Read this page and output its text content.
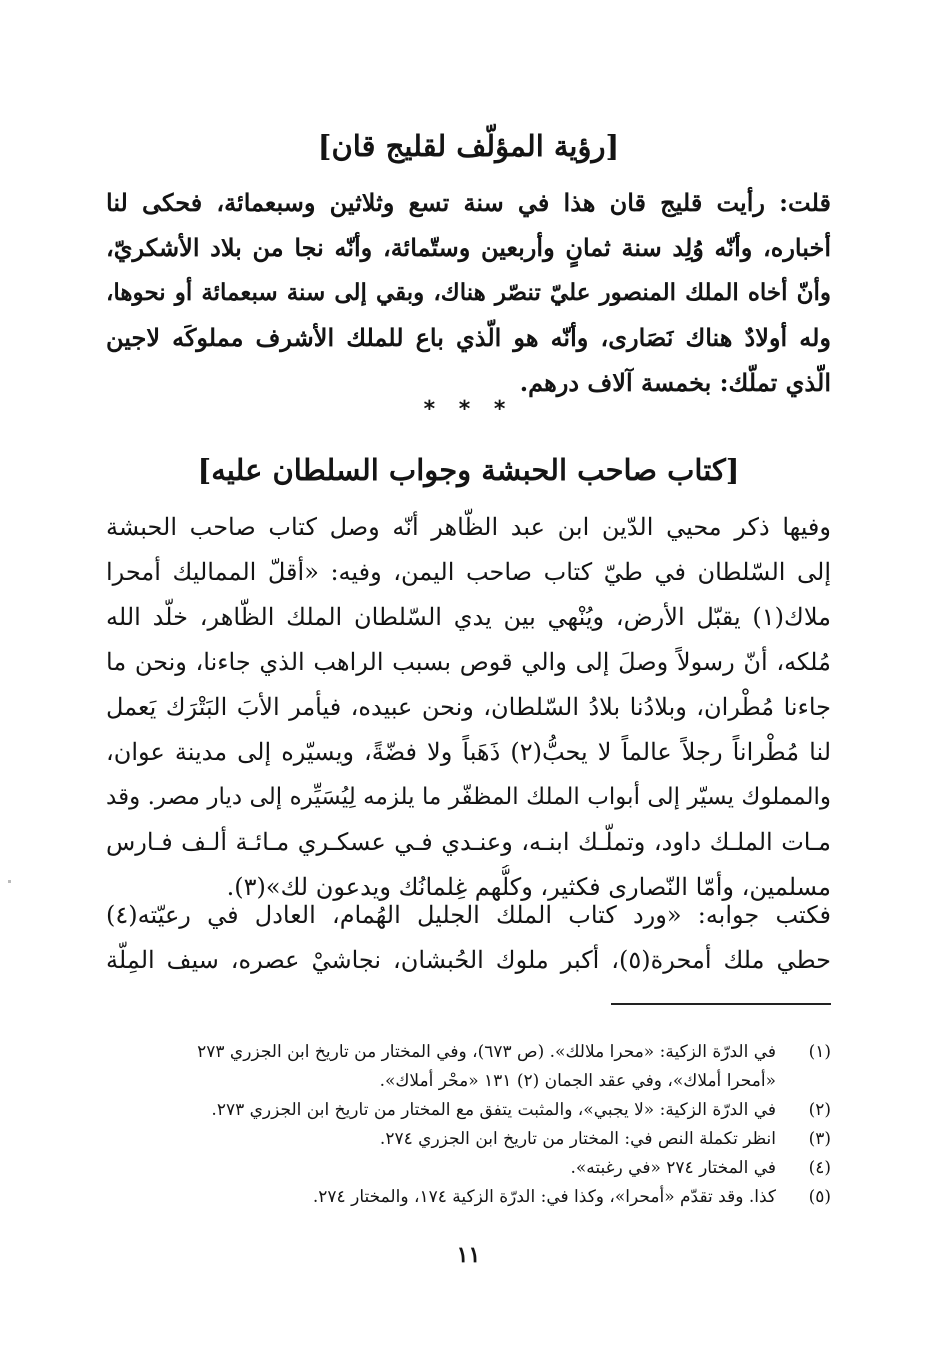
[رؤية المؤلّف لقليج قان]
قلت: رأيت قليج قان هذا في سنة تسع وثلاثين وسبعمائة، فحكى لنا
أخباره، وأنّه وُلِد سنة ثمانٍ وأربعين وستّمائة، وأنّه نجا من بلاد الأشكريّ،
وأنّ أخاه الملك المنصور عليّ تنصّر هناك، وبقي إلى سنة سبعمائة أو نحوها،
وله أولادٌ هناك نَصَارى، وأنّه هو الّذي باع للملك الأشرف مملوكَه لاجين
الّذي تملّك: بخمسة آلاف درهم.
* * *
[كتاب صاحب الحبشة وجواب السلطان عليه]
وفيها ذكر محيي الدّين ابن عبد الظّاهر أنّه وصل كتاب صاحب الحبشة
إلى السّلطان في طيّ كتاب صاحب اليمن، وفيه: «أقلّ المماليك أمحرا
ملاك(١) يقبّل الأرض، ويُنْهي بين يدي السّلطان الملك الظّاهر، خلّد الله
مُلكه، أنّ رسولاً وصلَ إلى والي قوص بسبب الراهب الذي جاءنا، ونحن ما
جاءنا مُطْران، وبلادُنا بلادُ السّلطان، ونحن عبيده، فيأمر الأبَ البَتْرَك يَعمل
لنا مُطْراناً رجلاً عالماً لا يحبُّ(٢) ذَهَباً ولا فضّةً، ويسيّره إلى مدينة عوان،
والمملوك يسيّر إلى أبواب الملك المظفّر ما يلزمه لِيُسَيِّره إلى ديار مصر. وقد
مـات الملـك داود، وتملّـك ابنـه، وعنـدي فـي عسكـري مـائـة ألـف فـارس
مسلمين، وأمّا النّصارى فكثير، وكلُّهم غِلمانُك ويدعون لك»(٣).
فكتب جوابه: «ورد كتاب الملك الجليل الهُمام، العادل في رعيّته(٤)
حطي ملك أمحرة(٥)، أكبر ملوك الحُبشان، نجاشيْ عصره، سيف المِلّة
(١)
في الدرّة الزكية: «محرا ملالك». (ص ٦٧٣)، وفي المختار من تاريخ ابن الجزري ٢٧٣
«أمحرا أملاك»، وفي عقد الجمان (٢) ١٣١ «محْر أملاك».
(٢)
في الدرّة الزكية: «لا يجبي»، والمثبت يتفق مع المختار من تاريخ ابن الجزري ٢٧٣.
(٣)
انظر تكملة النص في: المختار من تاريخ ابن الجزري ٢٧٤.
(٤)
في المختار ٢٧٤ «في رغبته».
(٥)
كذا. وقد تقدّم «أمحرا»، وكذا في: الدرّة الزكية ١٧٤، والمختار ٢٧٤.
١١
